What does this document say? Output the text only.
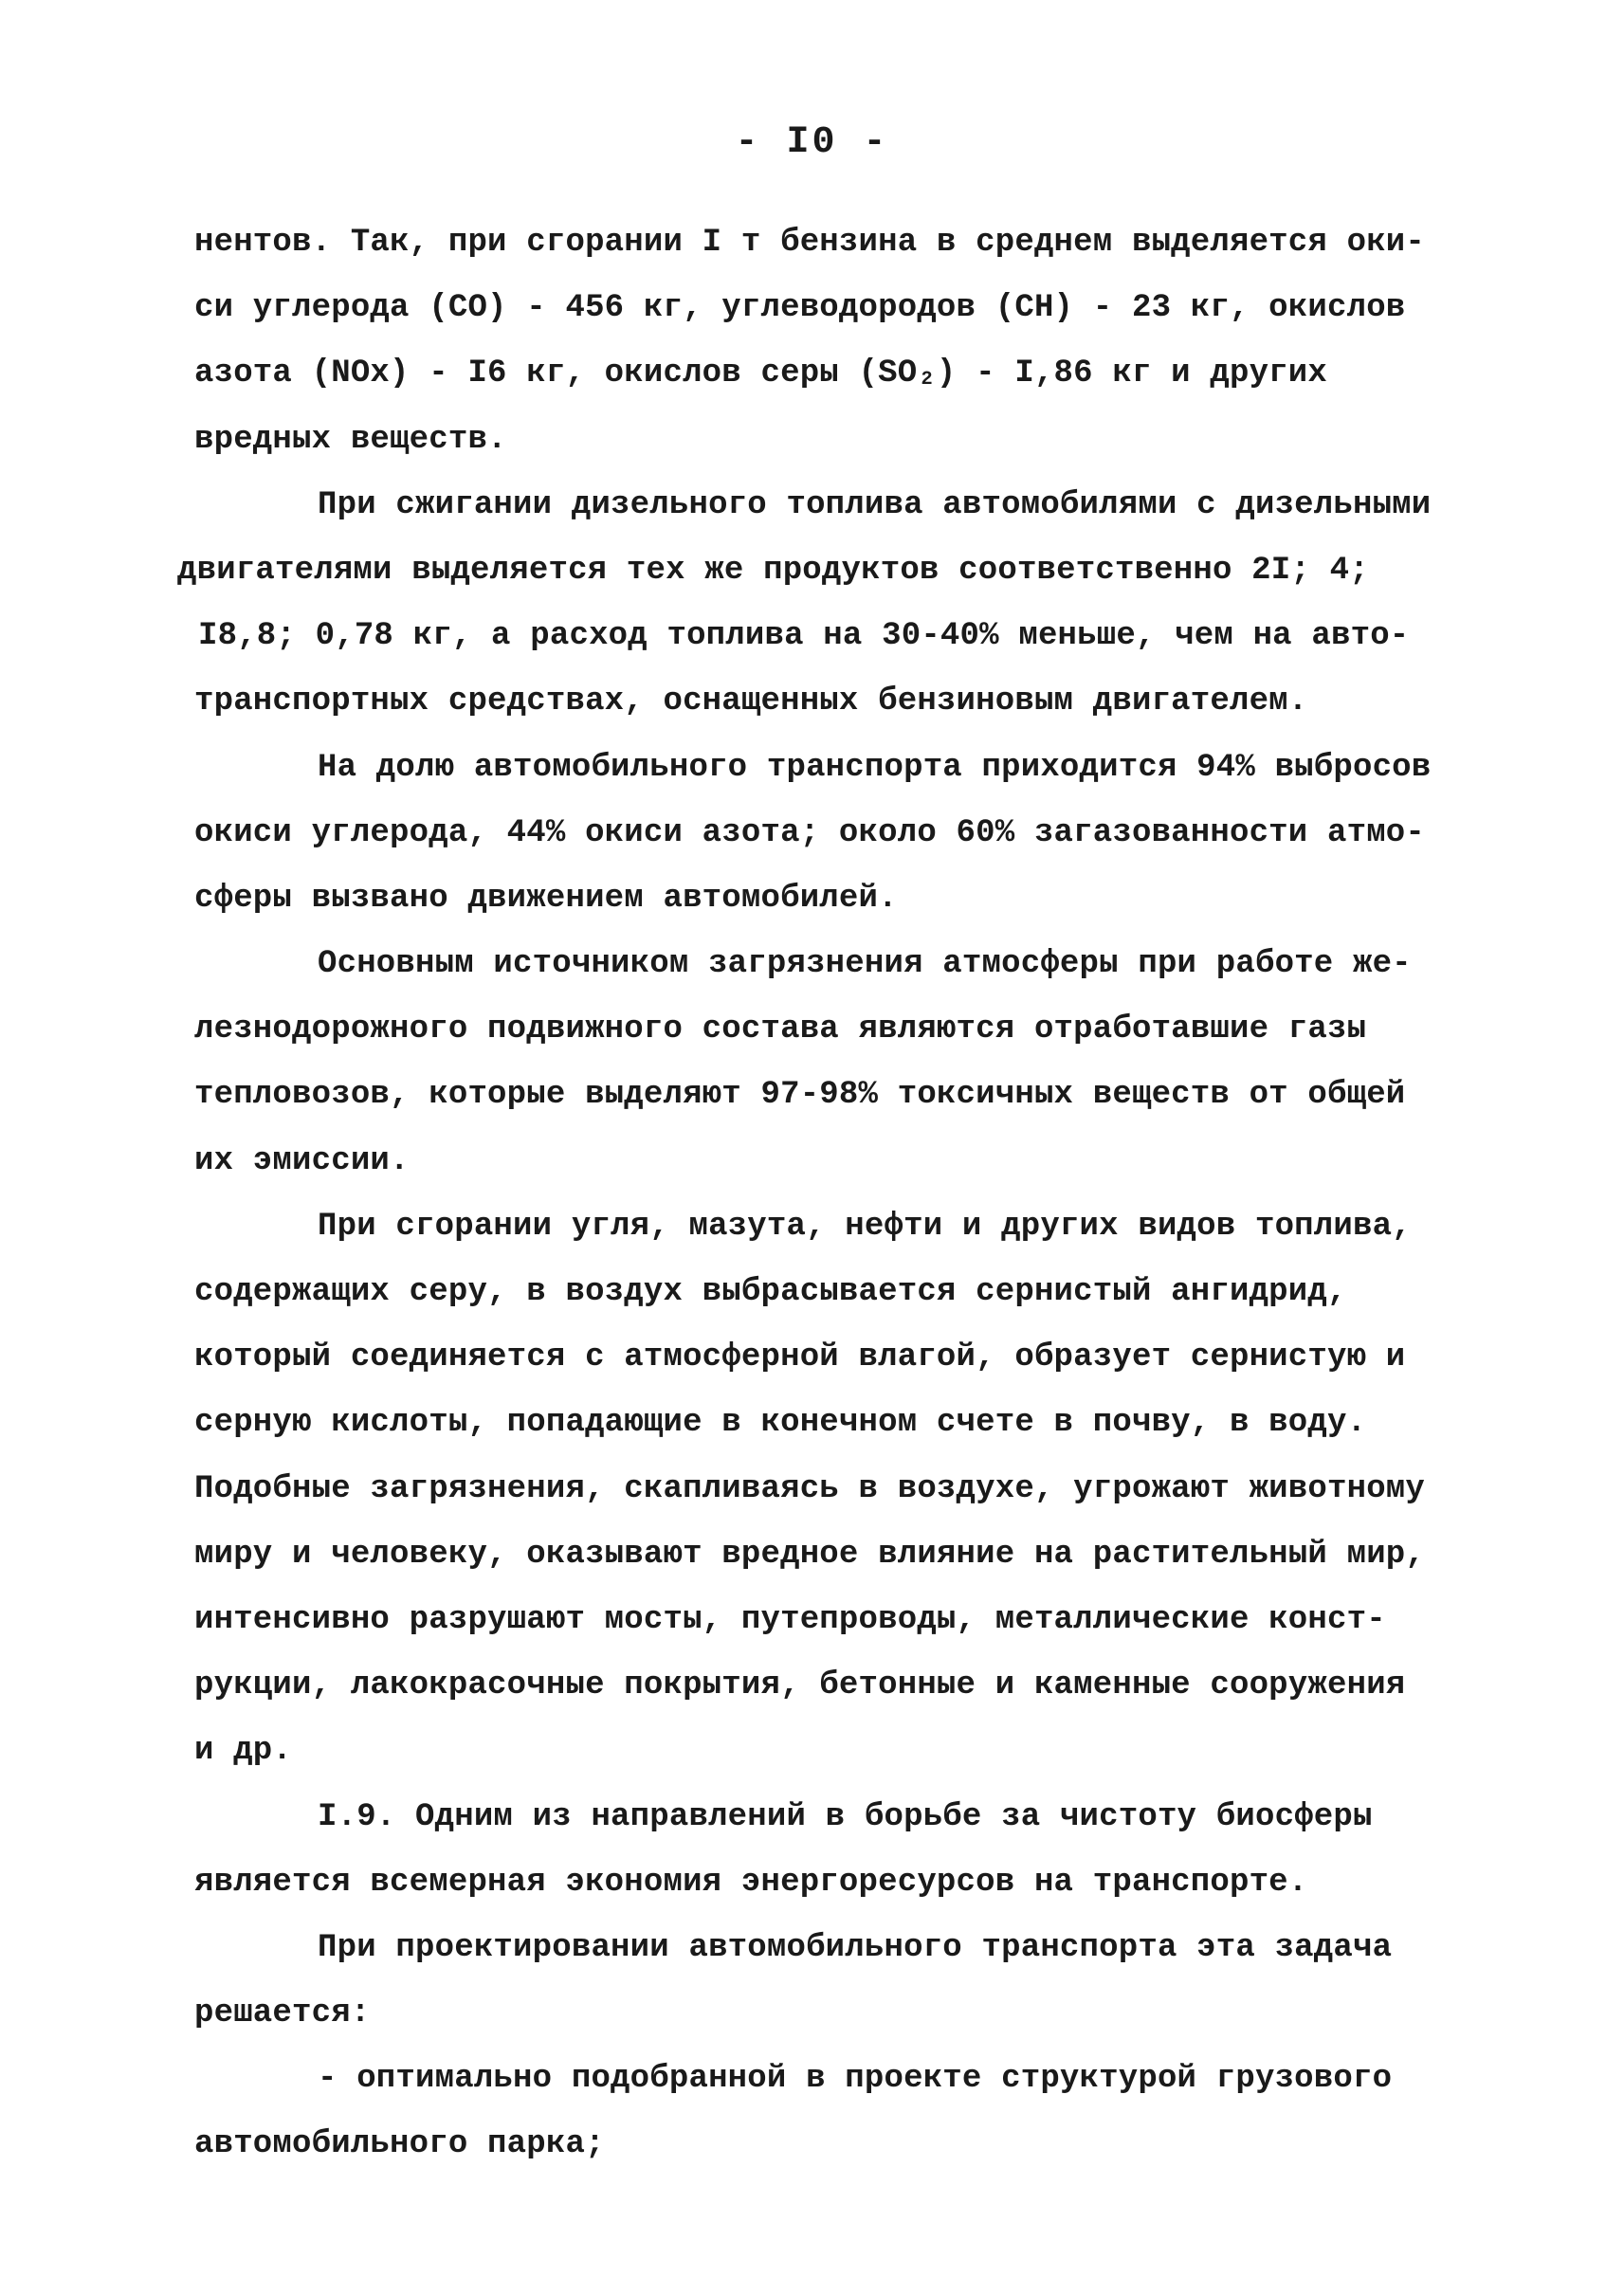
- I0 -
нентов. Так, при сгорании I т бензина в среднем выделяется оки-
си углерода (CO) - 456 кг, углеводородов (CH) - 23 кг, окислов
азота (NOx) - I6 кг, окислов серы (SO₂) - I,86 кг и других
вредных веществ.
При сжигании дизельного топлива автомобилями с дизельными
двигателями выделяется тех же продуктов соответственно 2I; 4;
I8,8; 0,78 кг, а расход топлива на 30-40% меньше, чем на авто-
транспортных средствах, оснащенных бензиновым двигателем.
На долю автомобильного транспорта приходится 94% выбросов
окиси углерода, 44% окиси азота; около 60% загазованности атмо-
сферы вызвано движением автомобилей.
Основным источником загрязнения атмосферы при работе же-
лезнодорожного подвижного состава являются отработавшие газы
тепловозов, которые выделяют 97-98% токсичных веществ от общей
их эмиссии.
При сгорании угля, мазута, нефти и других видов топлива,
содержащих серу, в воздух выбрасывается сернистый ангидрид,
который соединяется с атмосферной влагой, образует сернистую и
серную кислоты, попадающие в конечном счете в почву, в воду.
Подобные загрязнения, скапливаясь в воздухе, угрожают животному
миру и человеку, оказывают вредное влияние на растительный мир,
интенсивно разрушают мосты, путепроводы, металлические конст-
рукции, лакокрасочные покрытия, бетонные и каменные сооружения
и др.
I.9. Одним из направлений в борьбе за чистоту биосферы
является всемерная экономия энергоресурсов на транспорте.
При проектировании автомобильного транспорта эта задача
решается:
- оптимально подобранной в проекте структурой грузового
автомобильного парка;
